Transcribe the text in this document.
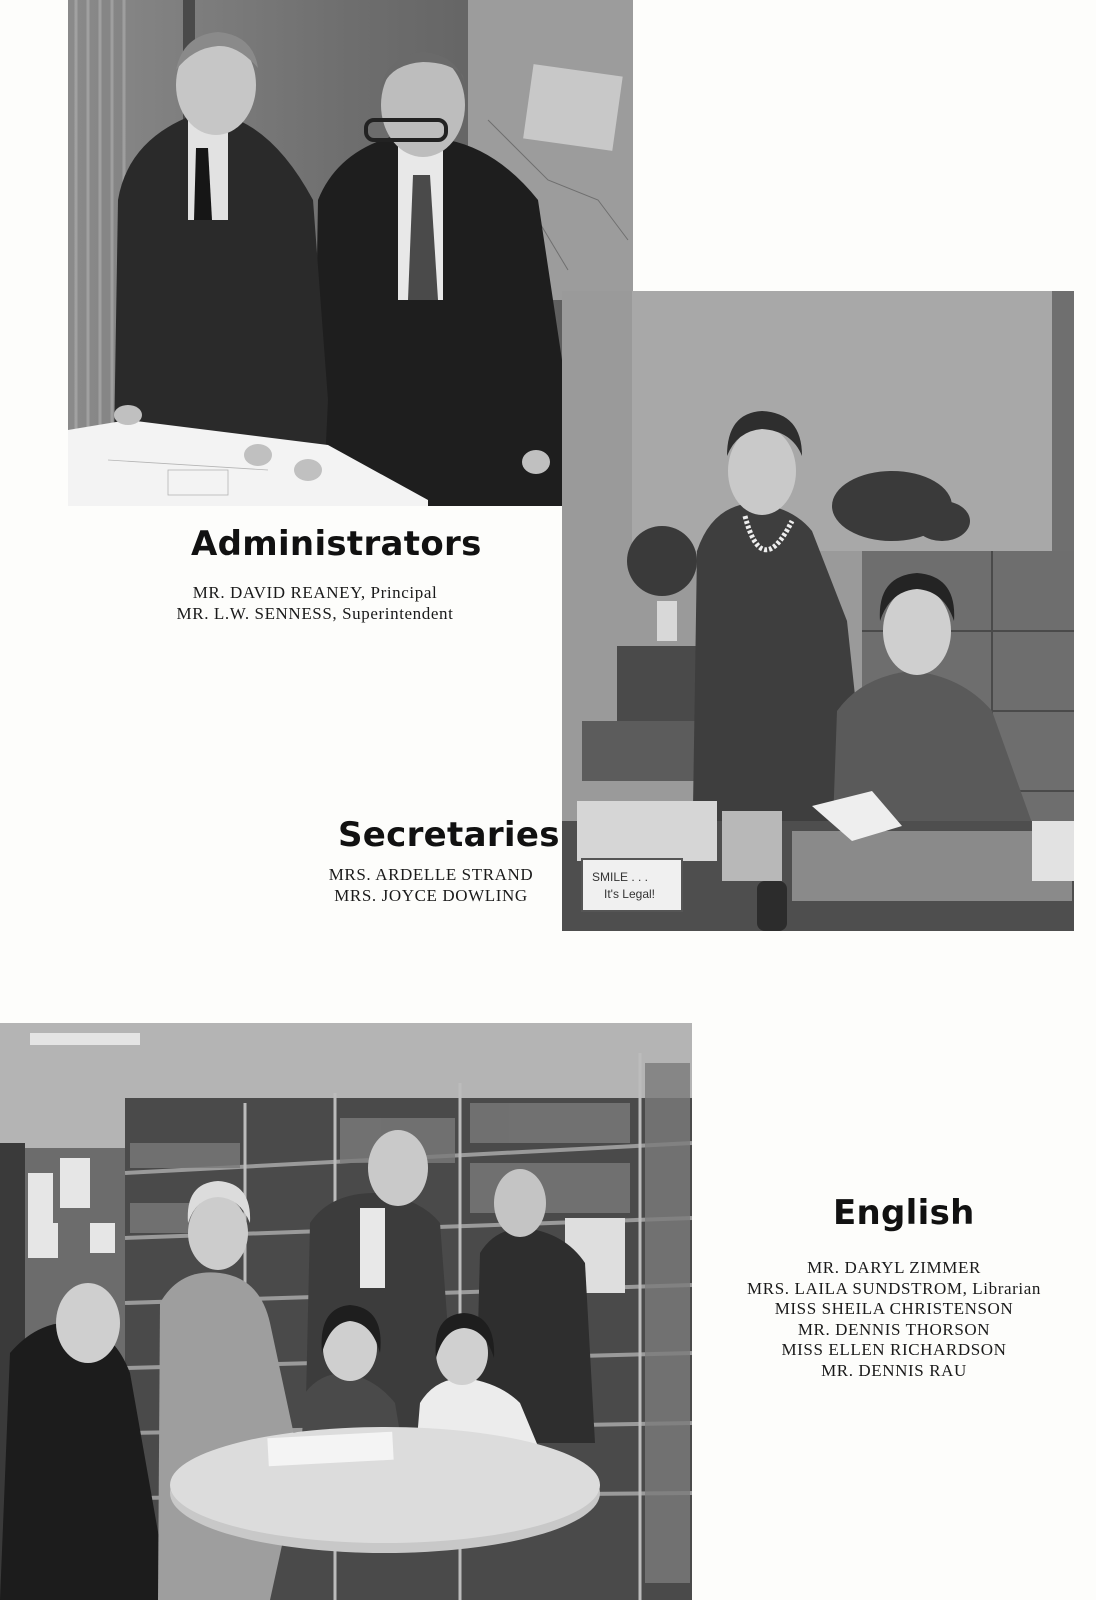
Administrators
MR. DAVID REANEY, Principal
MR. L.W. SENNESS, Superintendent
SMILE . . .
It's Legal!
Secretaries
MRS. ARDELLE STRAND
MRS. JOYCE DOWLING
English
MR. DARYL ZIMMER
MRS. LAILA SUNDSTROM, Librarian
MISS SHEILA CHRISTENSON
MR. DENNIS THORSON
MISS ELLEN RICHARDSON
MR. DENNIS RAU
